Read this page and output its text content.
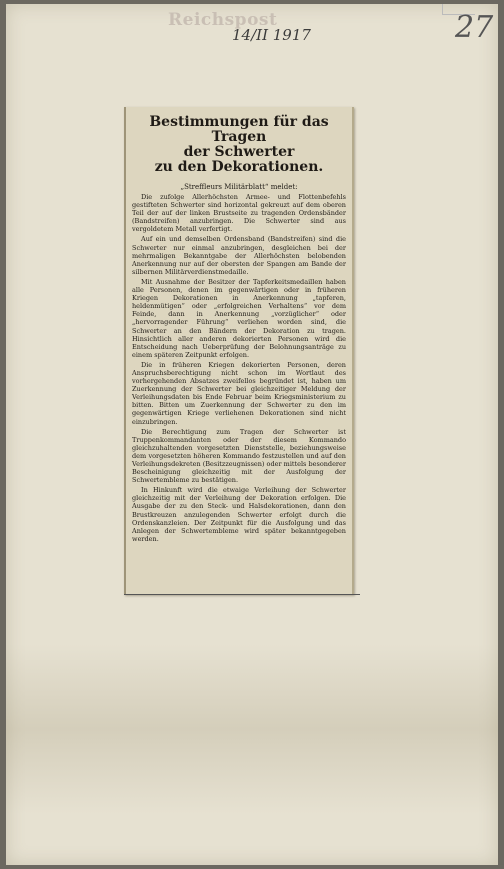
Reichspost
14/II 1917	27
Bestimmungen für das Tragen
der Schwerter
zu den Dekorationen.
„Streffleurs Militärblatt“ meldet:

Die zufolge Allerhöchsten Armee- und Flottenbefehls gestifteten Schwerter sind horizontal gekreuzt auf dem oberen Teil der auf der linken Brustseite zu tragenden Ordensbänder (Bandstreifen) anzubringen. Die Schwerter sind aus vergoldetem Metall verfertigt.

Auf ein und demselben Ordensband (Bandstreifen) sind die Schwerter nur einmal anzubringen, desgleichen bei der mehrmaligen Bekanntgabe der Allerhöchsten belobenden Anerkennung nur auf der obersten der Spangen am Bande der silbernen Militärverdienstmedaille.

Mit Ausnahme der Besitzer der Tapferkeitsmedaillen haben alle Personen, denen im gegenwärtigen oder in früheren Kriegen Dekorationen in Anerkennung „tapferen, heldenmütigen“ oder „erfolgreichen Verhaltens“ vor dem Feinde, dann in Anerkennung „vorzüglicher“ oder „hervorragender Führung“ verliehen worden sind, die Schwerter an den Bändern der Dekoration zu tragen. Hinsichtlich aller anderen dekorierten Personen wird die Entscheidung nach Ueberprüfung der Belohnungsanträge zu einem späteren Zeitpunkt erfolgen.

Die in früheren Kriegen dekorierten Personen, deren Anspruchsberechtigung nicht schon im Wortlaut des vorhergehenden Absatzes zweifellos begründet ist, haben um Zuerkennung der Schwerter bei gleichzeitiger Meldung der Verleihungsdaten bis Ende Februar beim Kriegsministerium zu bitten. Bitten um Zuerkennung der Schwerter zu den im gegenwärtigen Kriege verliehenen Dekorationen sind nicht einzubringen.

Die Berechtigung zum Tragen der Schwerter ist Truppenkommandanten oder der diesem Kommando gleichzuhaltenden vorgesetzten Dienststelle, beziehungsweise dem vorgesetzten höheren Kommando festzustellen und auf den Verleihungsdekreten (Besitzzeugnissen) oder mittels besonderer Bescheinigung gleichzeitig mit der Ausfolgung der Schwertembleme zu bestätigen.

In Hinkunft wird die etwaige Verleihung der Schwerter gleichzeitig mit der Verleihung der Dekoration erfolgen. Die Ausgabe der zu den Steck- und Halsdekorationen, dann den Brustkreuzen anzulegenden Schwerter erfolgt durch die Ordenskanzleien. Der Zeitpunkt für die Ausfolgung und das Anlegen der Schwertembleme wird später bekanntgegeben werden.
